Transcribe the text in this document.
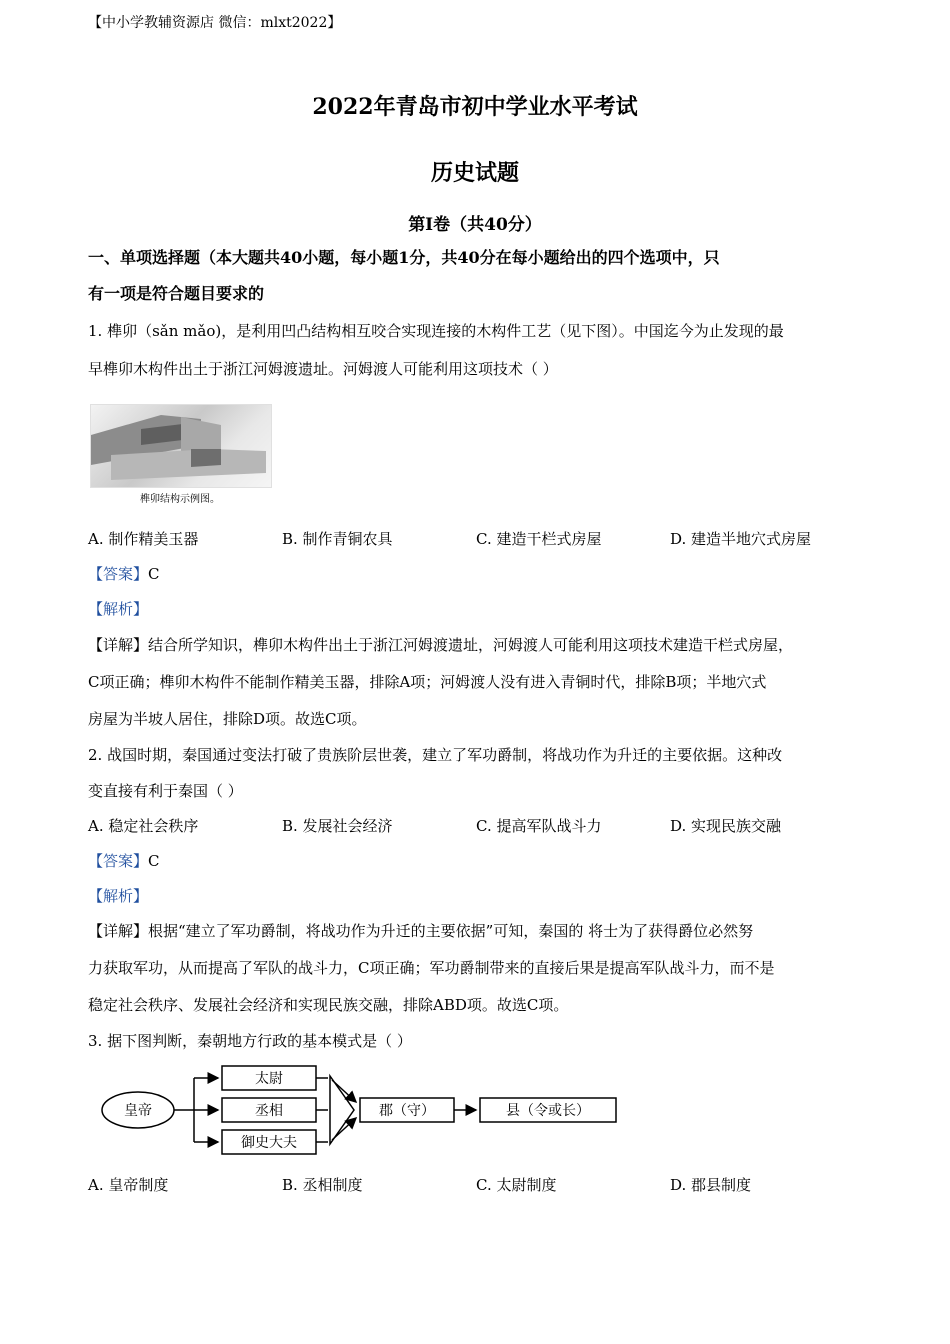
【中小学教辅资源店 微信：mlxt2022】
2022年青岛市初中学业水平考试
历史试题
第Ⅰ卷（共40分）
一、单项选择题（本大题共40小题，每小题1分，共40分在每小题给出的四个选项中，只
有一项是符合题目要求的
1. 榫卯（sǎn mǎo)，是利用凹凸结构相互咬合实现连接的木构件工艺（见下图）。中国迄今为止发现的最
早榫卯木构件出土于浙江河姆渡遗址。河姆渡人可能利用这项技术（ ）
榫卯结构示例图。
A. 制作精美玉器	B. 制作青铜农具	C. 建造干栏式房屋	D. 建造半地穴式房屋
【答案】C
【解析】
【详解】结合所学知识，榫卯木构件出土于浙江河姆渡遗址，河姆渡人可能利用这项技术建造干栏式房屋，
C项正确；榫卯木构件不能制作精美玉器，排除A项；河姆渡人没有进入青铜时代，排除B项；半地穴式
房屋为半坡人居住，排除D项。故选C项。
2. 战国时期，秦国通过变法打破了贵族阶层世袭，建立了军功爵制，将战功作为升迁的主要依据。这种改
变直接有利于秦国（ ）
A. 稳定社会秩序	B. 发展社会经济	C. 提高军队战斗力	D. 实现民族交融
【答案】C
【解析】
【详解】根据“建立了军功爵制，将战功作为升迁的主要依据”可知，秦国的 将士为了获得爵位必然努
力获取军功，从而提高了军队的战斗力，C项正确；军功爵制带来的直接后果是提高军队战斗力，而不是
稳定社会秩序、发展社会经济和实现民族交融，排除ABD项。故选C项。
3. 据下图判断，秦朝地方行政的基本模式是（ ）
皇帝
太尉
丞相
御史大夫
郡（守）	县（令或长）
A. 皇帝制度	B. 丞相制度	C. 太尉制度	D. 郡县制度
